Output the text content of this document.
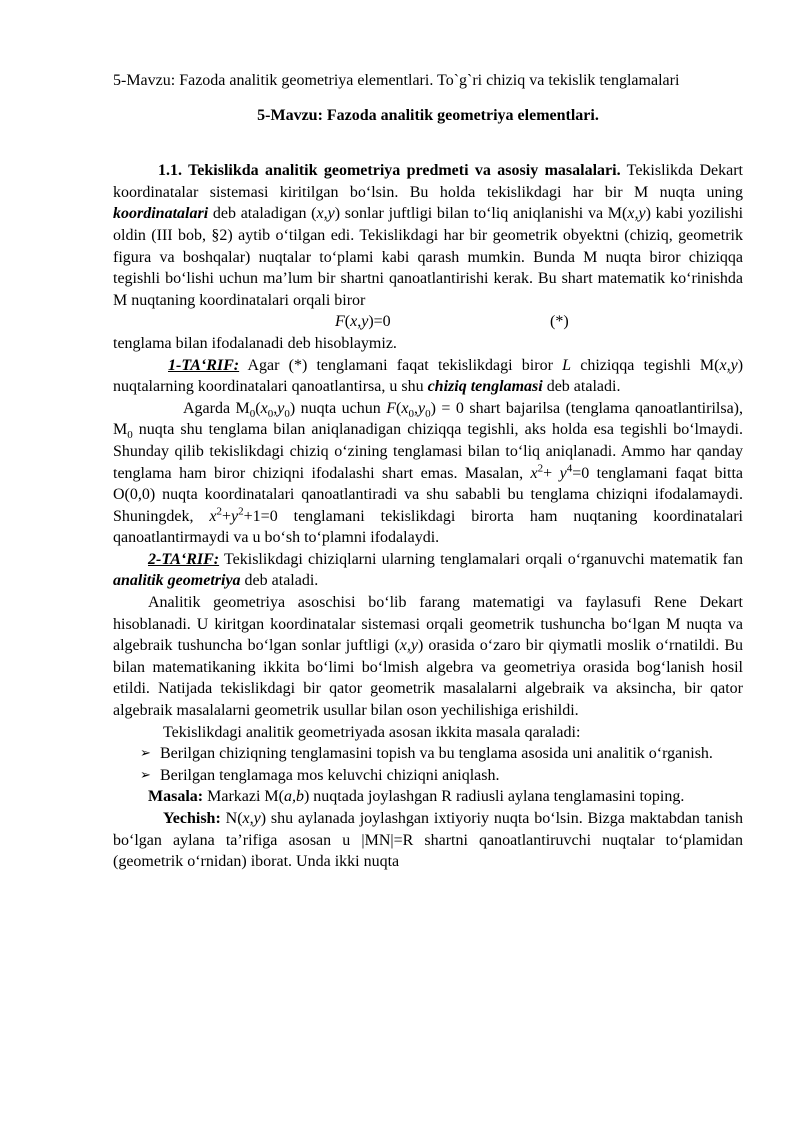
5-Mavzu: Fazoda analitik geometriya elementlari. To`g`ri chiziq va tekislik tenglamalari

5-Mavzu: Fazoda analitik geometriya elementlari.

1.1. Tekislikda analitik geometriya predmeti va asosiy masalalari. Tekislikda Dekart koordinatalar sistemasi kiritilgan bo‘lsin. Bu holda tekislikdagi har bir M nuqta uning koordinatalari deb ataladigan (x,y) sonlar juftligi bilan to‘liq aniqlanishi va M(x,y) kabi yozilishi oldin (III bob, §2) aytib o‘tilgan edi. Tekislikdagi har bir geometrik obyektni (chiziq, geometrik figura va boshqalar) nuqtalar to‘plami kabi qarash mumkin. Bunda M nuqta biror chiziqqa tegishli bo‘lishi uchun ma’lum bir shartni qanoatlantirishi kerak. Bu shart matematik ko‘rinishda M nuqtaning koordinatalari orqali biror

F(x,y)=0	(*)

tenglama bilan ifodalanadi deb hisoblaymiz.

1-TA‘RIF: Agar (*) tenglamani faqat tekislikdagi biror L chiziqqa tegishli M(x,y) nuqtalarning koordinatalari qanoatlantirsa, u shu chiziq tenglamasi deb ataladi.

Agarda $M_0(x_0,y_0)$ nuqta uchun $F(x_0,y_0) = 0$ shart bajarilsa (tenglama qanoatlantirilsa), $M_0$ nuqta shu tenglama bilan aniqlanadigan chiziqqa tegishli, aks holda esa tegishli bo‘lmaydi. Shunday qilib tekislikdagi chiziq o‘zining tenglamasi bilan to‘liq aniqlanadi. Ammo har qanday tenglama ham biror chiziqni ifodalashi shart emas. Masalan, $x^2+ y^4=0$ tenglamani faqat bitta O(0,0) nuqta koordinatalari qanoatlantiradi va shu sababli bu tenglama chiziqni ifodalamaydi. Shuningdek, $x^2+y^2+1=0$ tenglamani tekislikdagi birorta ham nuqtaning koordinatalari qanoatlantirmaydi va u bo‘sh to‘plamni ifodalaydi.

2-TA‘RIF: Tekislikdagi chiziqlarni ularning tenglamalari orqali o‘rganuvchi matematik fan analitik geometriya deb ataladi.

Analitik geometriya asoschisi bo‘lib farang matematigi va faylasufi Rene Dekart hisoblanadi. U kiritgan koordinatalar sistemasi orqali geometrik tushuncha bo‘lgan M nuqta va algebraik tushuncha bo‘lgan sonlar juftligi (x,y) orasida o‘zaro bir qiymatli moslik o‘rnatildi. Bu bilan matematikaning ikkita bo‘limi bo‘lmish algebra va geometriya orasida bog‘lanish hosil etildi. Natijada tekislikdagi bir qator geometrik masalalarni algebraik va aksincha, bir qator algebraik masalalarni geometrik usullar bilan oson yechilishiga erishildi.

Tekislikdagi analitik geometriyada asosan ikkita masala qaraladi:

➢ Berilgan chiziqning tenglamasini topish va bu tenglama asosida uni analitik o‘rganish.
➢ Berilgan tenglamaga mos keluvchi chiziqni aniqlash.

Masala: Markazi M(a,b) nuqtada joylashgan R radiusli aylana tenglamasini toping.

Yechish: N(x,y) shu aylanada joylashgan ixtiyoriy nuqta bo‘lsin. Bizga maktabdan tanish bo‘lgan aylana ta’rifiga asosan u |MN|=R shartni qanoatlantiruvchi nuqtalar to‘plamidan (geometrik o‘rnidan) iborat. Unda ikki nuqta
